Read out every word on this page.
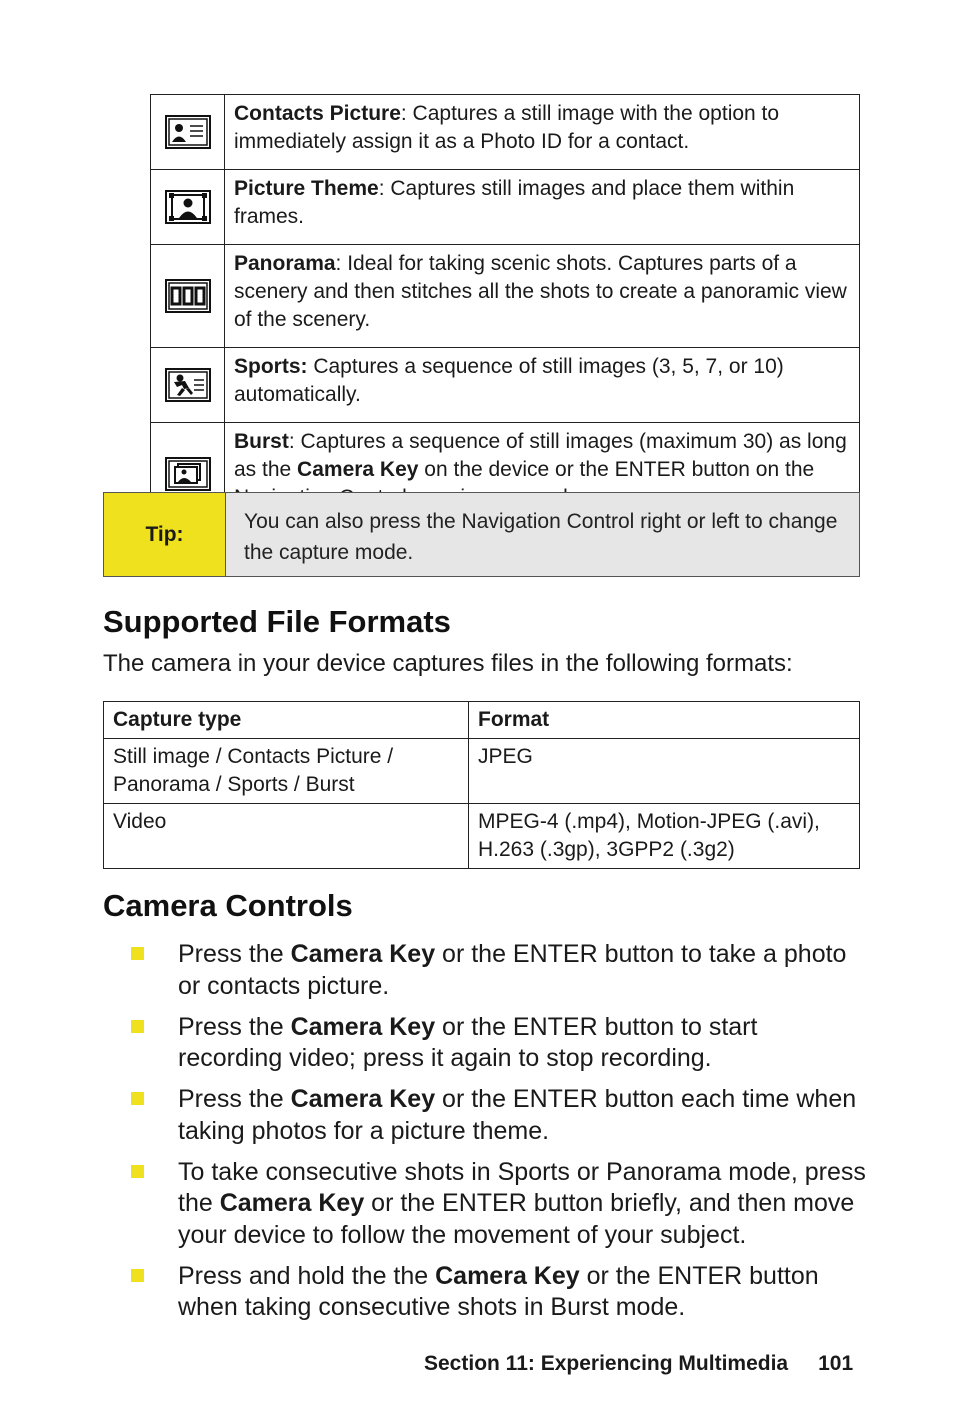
	Contacts Picture: Captures a still image with the option to immediately assign it as a Photo ID for a contact.
	Picture Theme: Captures still images and place them within frames.
	Panorama: Ideal for taking scenic shots. Captures parts of a scenery and then stitches all the shots to create a panoramic view of the scenery.
	Sports: Captures a sequence of still images (3, 5, 7, or 10) automatically.
	Burst: Captures a sequence of still images (maximum 30) as long as the Camera Key on the device or the ENTER button on the
Tip:
You can also press the Navigation Control right or left to change the capture mode.
Supported File Formats
The camera in your device captures files in the following formats:
Capture type	Format
Still image / Contacts Picture / Panorama / Sports / Burst	JPEG
Video	MPEG-4 (.mp4), Motion-JPEG (.avi), H.263 (.3gp), 3GPP2 (.3g2)
Camera Controls
Press the Camera Key or the ENTER button to take a photo or contacts picture.
Press the Camera Key or the ENTER button to start recording video; press it again to stop recording.
Press the Camera Key or the ENTER button each time when taking photos for a picture theme.
To take consecutive shots in Sports or Panorama mode, press the Camera Key or the ENTER button briefly, and then move your device to follow the movement of your subject.
Press and hold the the Camera Key or the ENTER button when taking consecutive shots in Burst mode.
Section 11: Experiencing Multimedia 101
